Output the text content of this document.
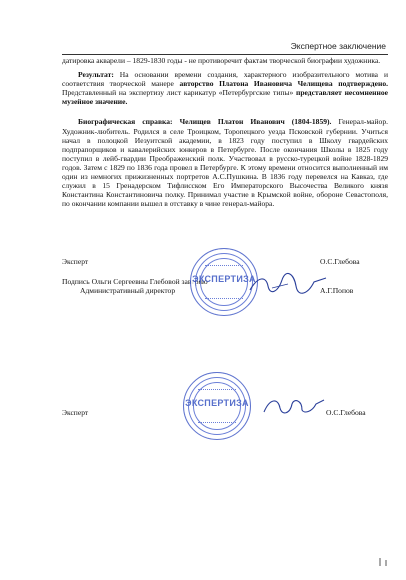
Экспертное заключение

датировка акварели – 1829-1830 годы - не противоречит фактам творческой биографии художника.

Результат: На основании времени создания, характерного изобразительного мотива и соответствия творческой манере авторство Платона Ивановича Челищева подтверждено. Представленный на экспертизу лист карикатур «Петербургские типы» представляет несомненное музейное значение.

Биографическая справка: Челищев Платон Иванович (1804-1859). Генерал-майор. Художник-любитель. Родился в селе Троицком, Торопецкого уезда Псковской губернии. Учиться начал в полоцкой Иезуитской академии, в 1823 году поступил в Школу гвардейских подпрапорщиков и кавалерийских юнкеров в Петербурге. После окончания Школы в 1825 году поступил в лейб-гвардии Преображенский полк. Участвовал в русско-турецкой войне 1828-1829 годов. Затем с 1829 по 1836 года провел в Петербурге. К этому времени относится выполненный им один из немногих прижизненных портретов А.С.Пушкина. В 1836 году перевелся на Кавказ, где служил в 15 Гренадерском Тифлисском Его Императорского Высочества Великого князя Константина Константиновича полку. Принимал участие в Крымской войне, обороне Севастополя, по окончании компании вышел в отставку в чине генерал-майора.

Эксперт	О.С.Глебова
Подпись Ольги Сергеевны Глебовой заверяю
Административный директор	А.Г.Попов
ЭКСПЕРТИЗА
Эксперт	О.С.Глебова
ЭКСПЕРТИЗА
